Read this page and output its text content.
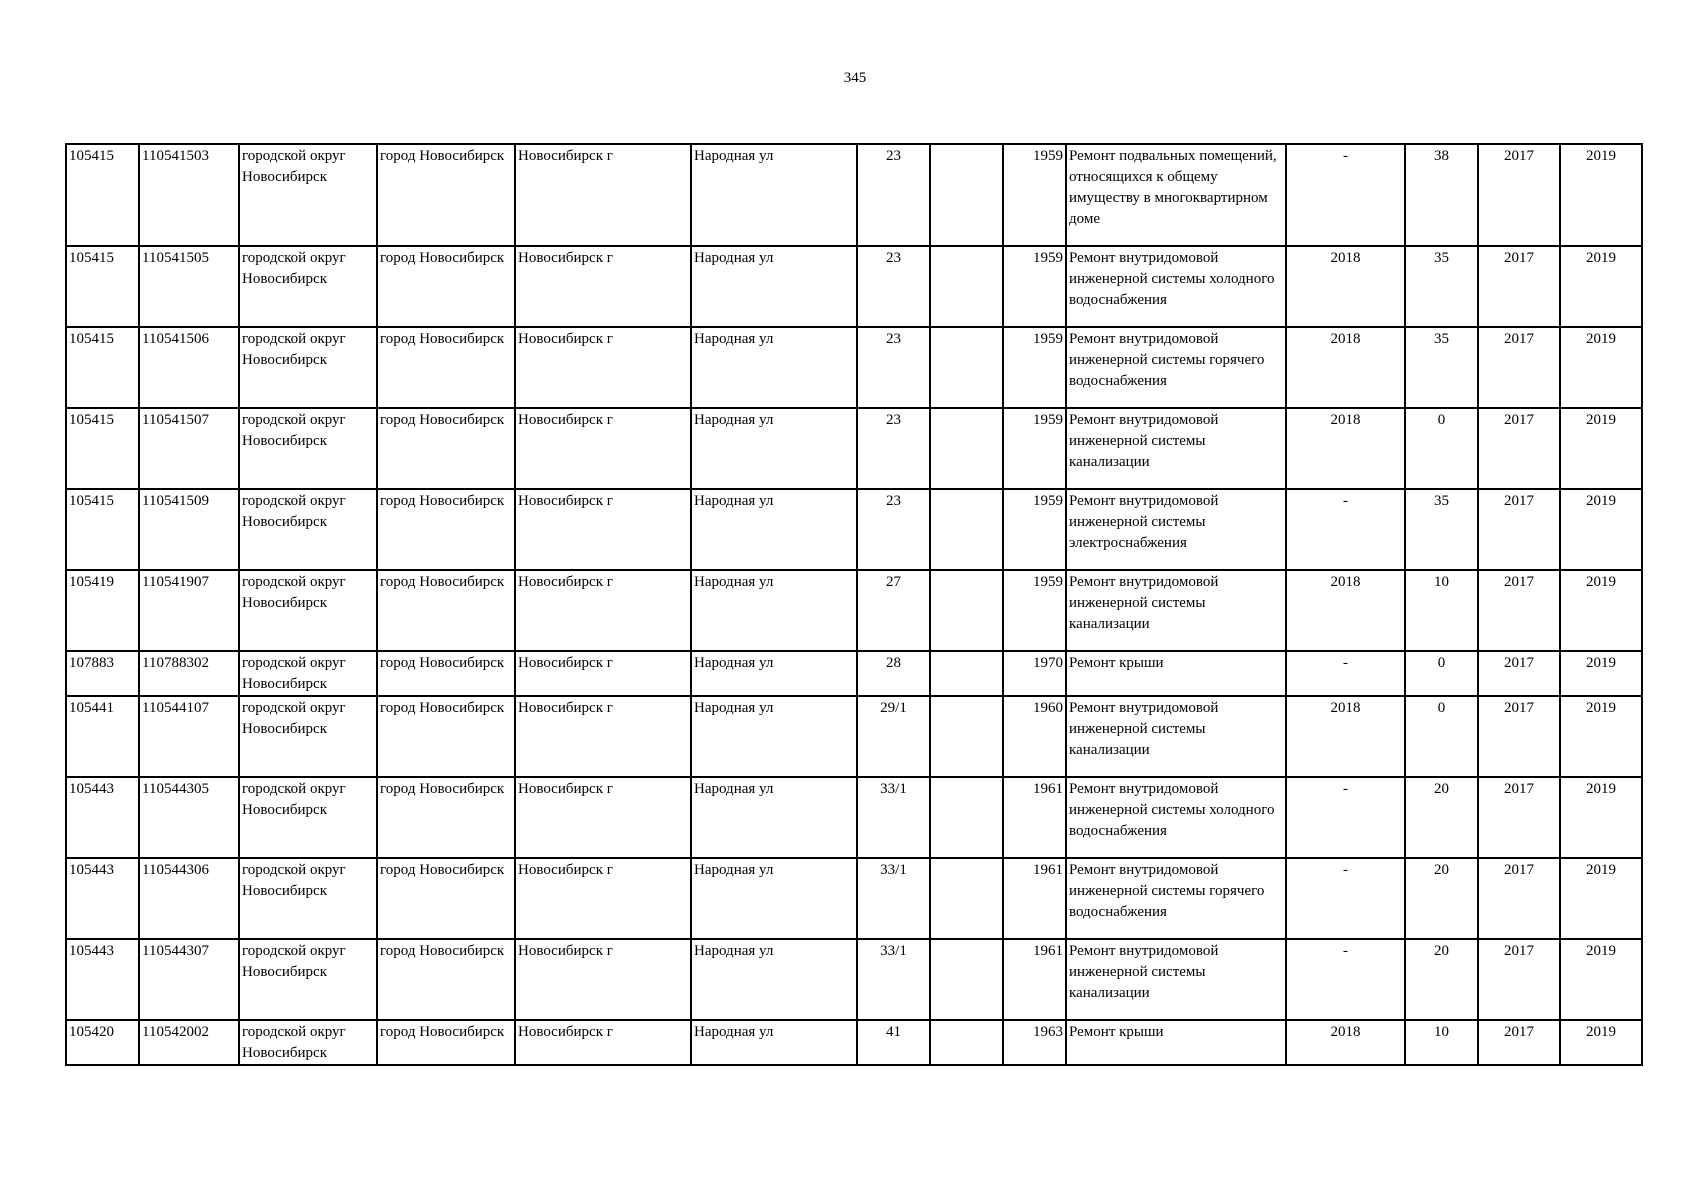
345
105415	110541503	городской округ Новосибирск	город Новосибирск	Новосибирск г	Народная ул	23		1959	Ремонт подвальных помещений, относящихся к общему имуществу в многоквартирном доме	-	38	2017	2019
105415	110541505	городской округ Новосибирск	город Новосибирск	Новосибирск г	Народная ул	23		1959	Ремонт внутридомовой инженерной системы холодного водоснабжения	2018	35	2017	2019
105415	110541506	городской округ Новосибирск	город Новосибирск	Новосибирск г	Народная ул	23		1959	Ремонт внутридомовой инженерной системы горячего водоснабжения	2018	35	2017	2019
105415	110541507	городской округ Новосибирск	город Новосибирск	Новосибирск г	Народная ул	23		1959	Ремонт внутридомовой инженерной системы канализации	2018	0	2017	2019
105415	110541509	городской округ Новосибирск	город Новосибирск	Новосибирск г	Народная ул	23		1959	Ремонт внутридомовой инженерной системы электроснабжения	-	35	2017	2019
105419	110541907	городской округ Новосибирск	город Новосибирск	Новосибирск г	Народная ул	27		1959	Ремонт внутридомовой инженерной системы канализации	2018	10	2017	2019
107883	110788302	городской округ Новосибирск	город Новосибирск	Новосибирск г	Народная ул	28		1970	Ремонт крыши	-	0	2017	2019
105441	110544107	городской округ Новосибирск	город Новосибирск	Новосибирск г	Народная ул	29/1		1960	Ремонт внутридомовой инженерной системы канализации	2018	0	2017	2019
105443	110544305	городской округ Новосибирск	город Новосибирск	Новосибирск г	Народная ул	33/1		1961	Ремонт внутридомовой инженерной системы холодного водоснабжения	-	20	2017	2019
105443	110544306	городской округ Новосибирск	город Новосибирск	Новосибирск г	Народная ул	33/1		1961	Ремонт внутридомовой инженерной системы горячего водоснабжения	-	20	2017	2019
105443	110544307	городской округ Новосибирск	город Новосибирск	Новосибирск г	Народная ул	33/1		1961	Ремонт внутридомовой инженерной системы канализации	-	20	2017	2019
105420	110542002	городской округ Новосибирск	город Новосибирск	Новосибирск г	Народная ул	41		1963	Ремонт крыши	2018	10	2017	2019
